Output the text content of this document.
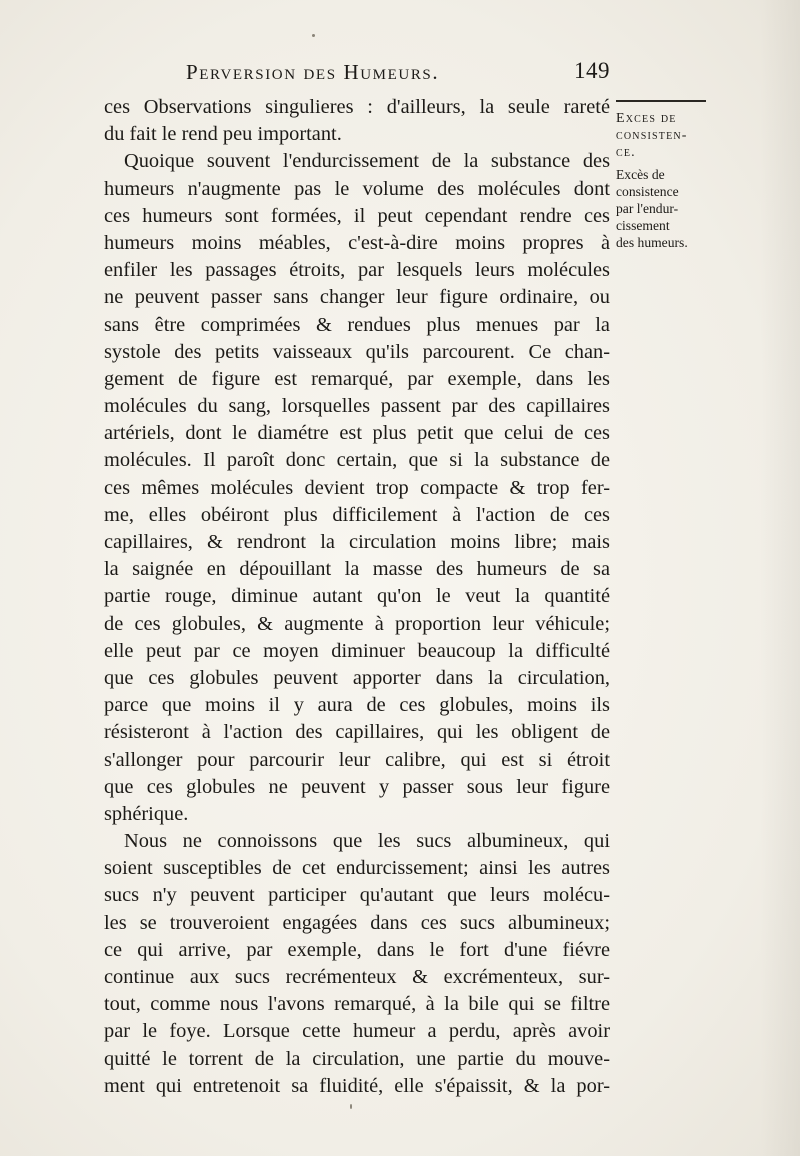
Perversion des Humeurs.	149
Exces de
consisten-
ce.
Excès de
consistence
par l'endur-
cissement
des humeurs.
ces Observations singulieres : d'ailleurs, la seule rareté
du fait le rend peu important.
Quoique souvent l'endurcissement de la substance des
humeurs n'augmente pas le volume des molécules dont
ces humeurs sont formées, il peut cependant rendre ces
humeurs moins méables, c'est-à-dire moins propres à
enfiler les passages étroits, par lesquels leurs molécules
ne peuvent passer sans changer leur figure ordinaire, ou
sans être comprimées & rendues plus menues par la
systole des petits vaisseaux qu'ils parcourent. Ce chan-
gement de figure est remarqué, par exemple, dans les
molécules du sang, lorsquelles passent par des capillaires
artériels, dont le diamétre est plus petit que celui de ces
molécules. Il paroît donc certain, que si la substance de
ces mêmes molécules devient trop compacte & trop fer-
me, elles obéiront plus difficilement à l'action de ces
capillaires, & rendront la circulation moins libre; mais
la saignée en dépouillant la masse des humeurs de sa
partie rouge, diminue autant qu'on le veut la quantité
de ces globules, & augmente à proportion leur véhicule;
elle peut par ce moyen diminuer beaucoup la difficulté
que ces globules peuvent apporter dans la circulation,
parce que moins il y aura de ces globules, moins ils
résisteront à l'action des capillaires, qui les obligent de
s'allonger pour parcourir leur calibre, qui est si étroit
que ces globules ne peuvent y passer sous leur figure
sphérique.
Nous ne connoissons que les sucs albumineux, qui
soient susceptibles de cet endurcissement; ainsi les autres
sucs n'y peuvent participer qu'autant que leurs molécu-
les se trouveroient engagées dans ces sucs albumineux;
ce qui arrive, par exemple, dans le fort d'une fiévre
continue aux sucs recrémenteux & excrémenteux, sur-
tout, comme nous l'avons remarqué, à la bile qui se filtre
par le foye. Lorsque cette humeur a perdu, après avoir
quitté le torrent de la circulation, une partie du mouve-
ment qui entretenoit sa fluidité, elle s'épaissit, & la por-
